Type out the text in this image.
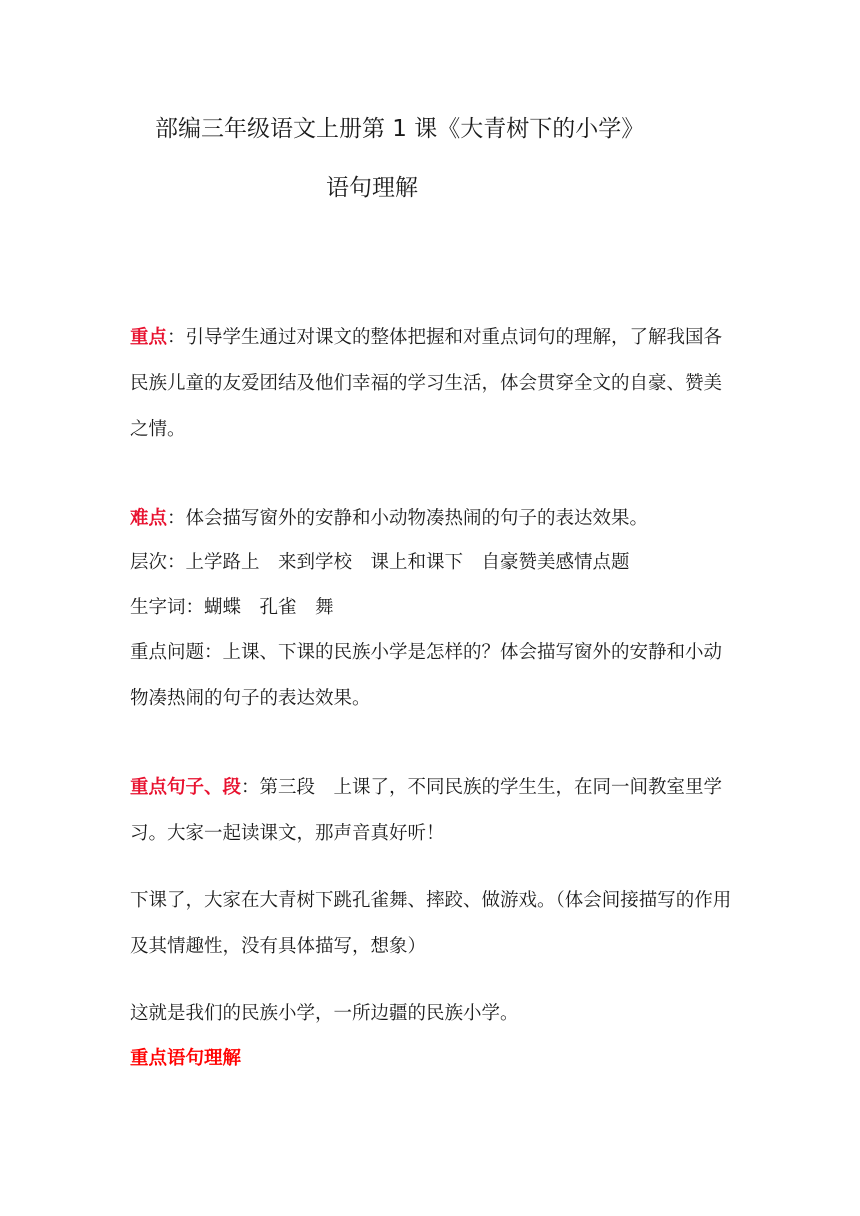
部编三年级语文上册第 1 课《大青树下的小学》
语句理解

重点：引导学生通过对课文的整体把握和对重点词句的理解，了解我国各民族儿童的友爱团结及他们幸福的学习生活，体会贯穿全文的自豪、赞美之情。

难点：体会描写窗外的安静和小动物凑热闹的句子的表达效果。

层次：上学路上　来到学校　课上和课下　自豪赞美感情点题

生字词：蝴蝶　孔雀　舞

重点问题：上课、下课的民族小学是怎样的？体会描写窗外的安静和小动物凑热闹的句子的表达效果。

重点句子、段：第三段　上课了，不同民族的学生生，在同一间教室里学习。大家一起读课文，那声音真好听！

下课了，大家在大青树下跳孔雀舞、摔跤、做游戏。（体会间接描写的作用及其情趣性，没有具体描写，想象）

这就是我们的民族小学，一所边疆的民族小学。

重点语句理解
